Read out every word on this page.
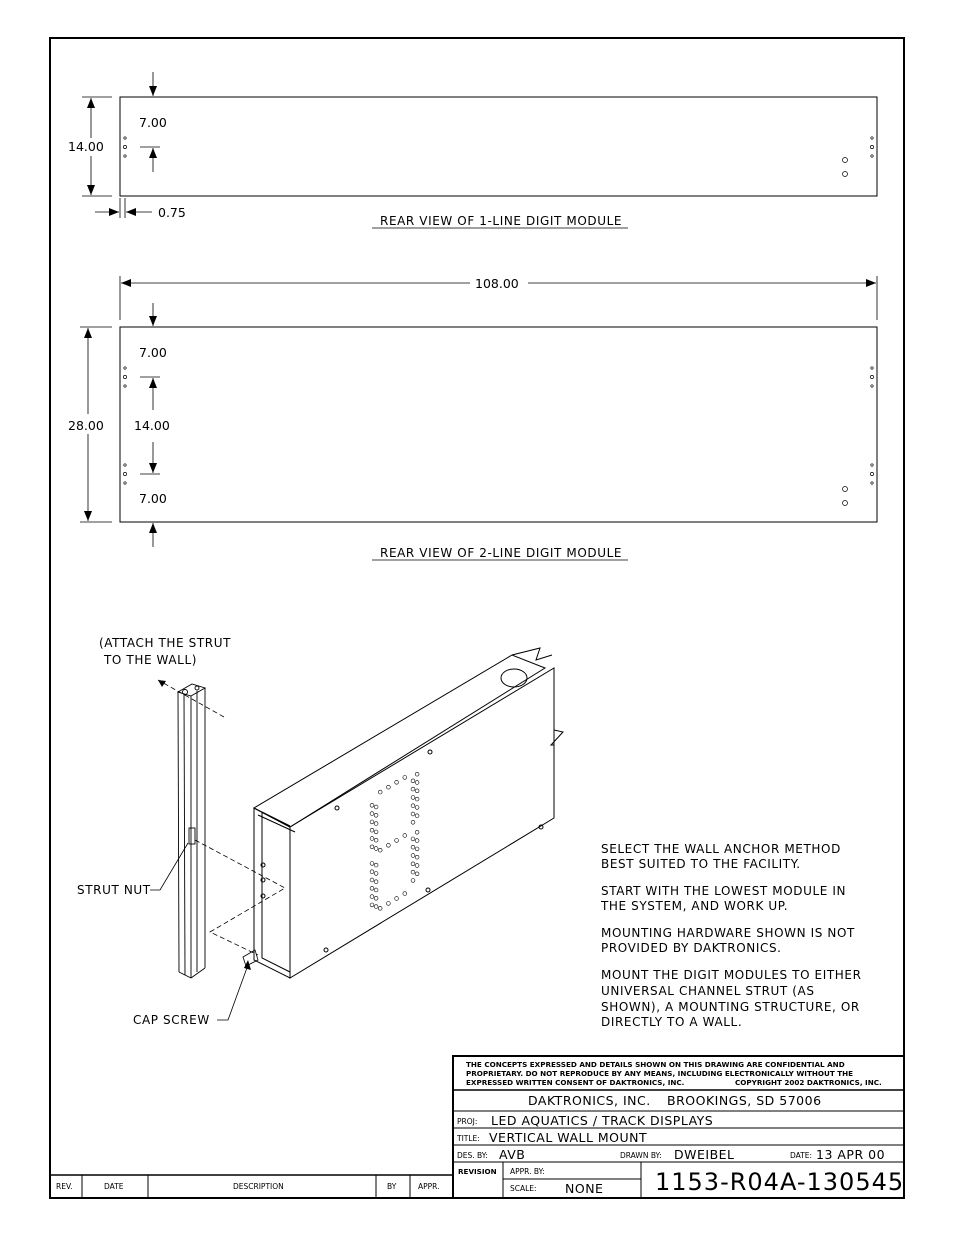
14.00
7.00
0.75
REAR VIEW OF 1-LINE DIGIT MODULE
108.00
28.00
7.00
14.00
7.00
REAR VIEW OF 2-LINE DIGIT MODULE
(ATTACH THE STRUT
TO THE WALL)
STRUT NUT
CAP SCREW
SELECT THE WALL ANCHOR METHOD
BEST SUITED TO THE FACILITY.
START WITH THE LOWEST MODULE IN
THE SYSTEM, AND WORK UP.
MOUNTING HARDWARE SHOWN IS NOT
PROVIDED BY DAKTRONICS.
MOUNT THE DIGIT MODULES TO EITHER
UNIVERSAL CHANNEL STRUT (AS
SHOWN), A MOUNTING STRUCTURE, OR
DIRECTLY TO A WALL.
THE CONCEPTS EXPRESSED AND DETAILS SHOWN ON THIS DRAWING ARE CONFIDENTIAL AND
PROPRIETARY. DO NOT REPRODUCE BY ANY MEANS, INCLUDING ELECTRONICALLY WITHOUT THE
EXPRESSED WRITTEN CONSENT OF DAKTRONICS, INC.	COPYRIGHT 2002 DAKTRONICS, INC.
DAKTRONICS, INC. BROOKINGS, SD 57006
PROJ: LED AQUATICS / TRACK DISPLAYS
TITLE: VERTICAL WALL MOUNT
DES. BY: AVB	DRAWN BY: DWEIBEL	DATE: 13 APR 00
REVISION APPR. BY:
SCALE: NONE 1153-R04A-130545
REV.	DATE	DESCRIPTION	BY	APPR.
